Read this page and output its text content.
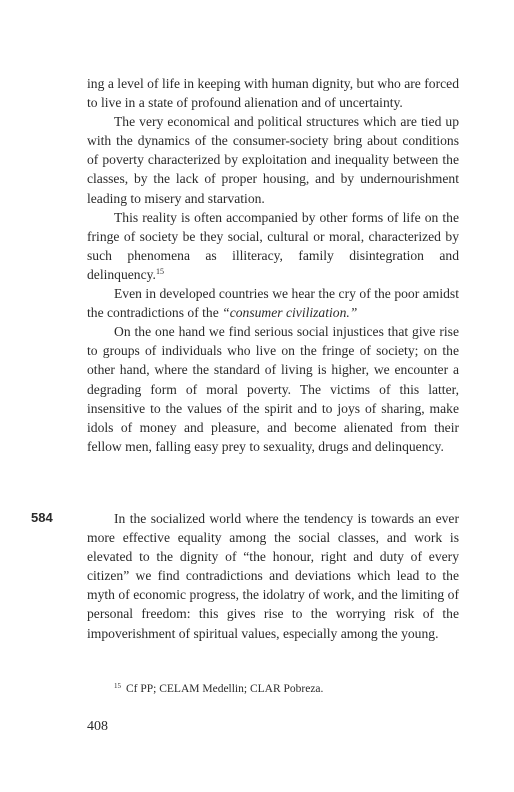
ing a level of life in keeping with human dignity, but who are forced to live in a state of profound alienation and of uncertainty.

The very economical and political structures which are tied up with the dynamics of the consumer-society bring about conditions of poverty characterized by exploitation and inequality between the classes, by the lack of proper housing, and by undernourishment leading to misery and starvation.

This reality is often accompanied by other forms of life on the fringe of society be they social, cultural or moral, characterized by such phenomena as illiteracy, family disintegration and delinquency.$^{15}$

Even in developed countries we hear the cry of the poor amidst the contradictions of the “consumer civilization.”

On the one hand we find serious social injustices that give rise to groups of individuals who live on the fringe of society; on the other hand, where the standard of living is higher, we encounter a degrading form of moral poverty. The victims of this latter, insensitive to the values of the spirit and to joys of sharing, make idols of money and pleasure, and become alienated from their fellow men, falling easy prey to sexuality, drugs and delinquency.

584	In the socialized world where the tendency is towards an ever more effective equality among the social classes, and work is elevated to the dignity of “the honour, right and duty of every citizen” we find contradictions and deviations which lead to the myth of economic progress, the idolatry of work, and the limiting of personal freedom: this gives rise to the worrying risk of the impoverishment of spiritual values, especially among the young.

$^{15}$ Cf PP; CELAM Medellin; CLAR Pobreza.
408
